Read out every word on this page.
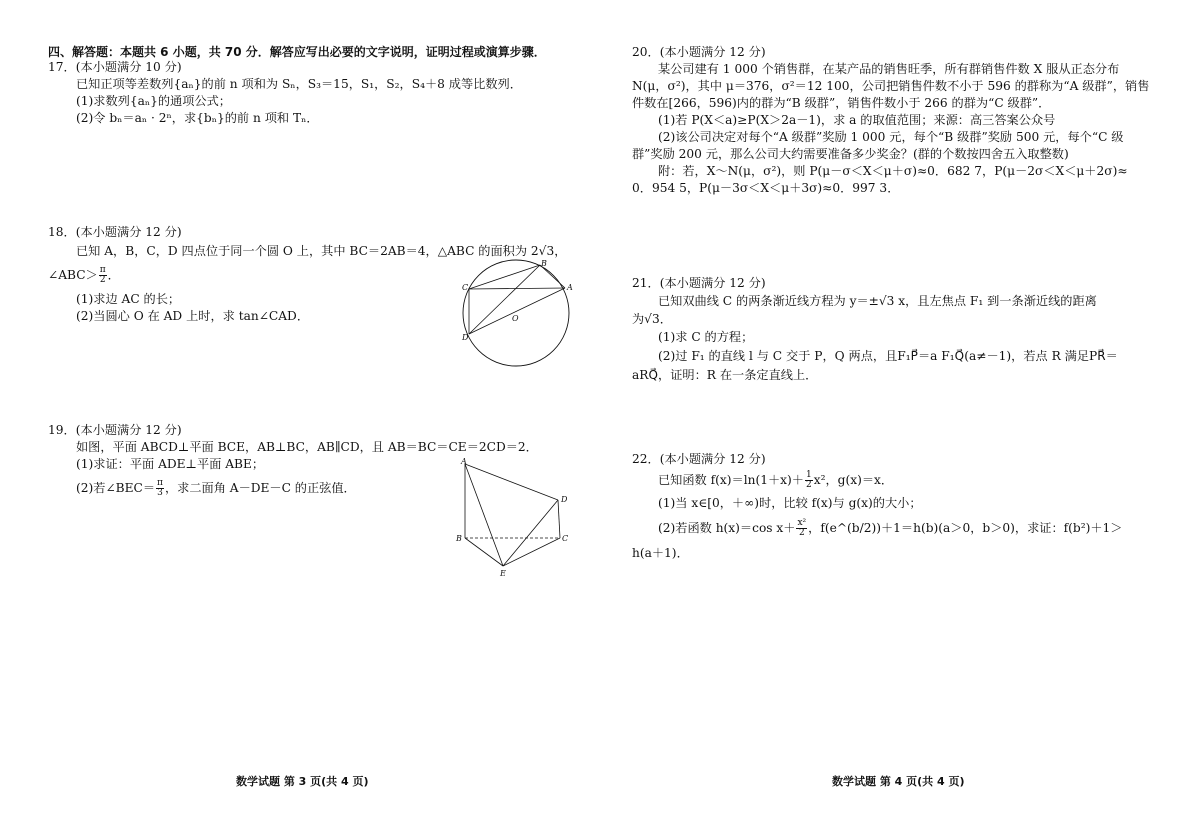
四、解答题：本题共 6 小题，共 70 分．解答应写出必要的文字说明，证明过程或演算步骤．
17．(本小题满分 10 分)
已知正项等差数列{aₙ}的前 n 项和为 Sₙ，S₃＝15，S₁，S₂，S₄＋8 成等比数列．
(1)求数列{aₙ}的通项公式；
(2)令 bₙ＝aₙ · 2ⁿ，求{bₙ}的前 n 项和 Tₙ．
18．(本小题满分 12 分)
已知 A，B，C，D 四点位于同一个圆 O 上，其中 BC＝2AB＝4，△ABC 的面积为 2√3，
∠ABC＞ $\frac{\pi}{2}$ ．
(1)求边 AC 的长；
(2)当圆心 O 在 AD 上时，求 tan∠CAD．
19．(本小题满分 12 分)
如图，平面 ABCD⊥平面 BCE，AB⊥BC，AB∥CD，且 AB＝BC＝CE＝2CD＝2．
(1)求证：平面 ADE⊥平面 ABE；
(2)若∠BEC＝ $\frac{\pi}{3}$ ，求二面角 A－DE－C 的正弦值．
B
A
C
D
O
A
B	C
D
E
数学试题 第 3 页(共 4 页)
20．(本小题满分 12 分)
某公司建有 1 000 个销售群，在某产品的销售旺季，所有群销售件数 X 服从正态分布
N(μ，σ²)，其中 μ＝376，σ²＝12 100，公司把销售件数不小于 596 的群称为“A 级群”，销售
件数在[266，596)内的群为“B 级群”，销售件数小于 266 的群为“C 级群”．
(1)若 P(X＜a)≥P(X＞2a－1)，求 a 的取值范围；来源：高三答案公众号
(2)该公司决定对每个“A 级群”奖励 1 000 元，每个“B 级群”奖励 500 元，每个“C 级
群”奖励 200 元，那么公司大约需要准备多少奖金？(群的个数按四舍五入取整数)
附：若，X～N(μ，σ²)，则 P(μ－σ＜X＜μ＋σ)≈0．682 7，P(μ－2σ＜X＜μ＋2σ)≈
0．954 5，P(μ－3σ＜X＜μ＋3σ)≈0．997 3．
21．(本小题满分 12 分)
已知双曲线 C 的两条渐近线方程为 y＝±√3 x，且左焦点 F₁ 到一条渐近线的距离
为√3．
(1)求 C 的方程；
(2)过 F₁ 的直线 l 与 C 交于 P，Q 两点，且F₁P⃗＝a F₁Q⃗(a≠－1)，若点 R 满足PR⃗＝
aRQ⃗，证明：R 在一条定直线上．
22．(本小题满分 12 分)
已知函数 $f(x)=\ln(1+x)+ \frac{1}{2} x^2$，g(x)＝x．
(1)当 x∈[0，＋∞)时，比较 f(x)与 g(x)的大小；
(2)若函数 h(x)＝cos $x+ \frac{\text{x²}}{2}$ ，f(e^(b/2))＋1＝h(b)(a＞0，b＞0)，求证：f(b²)＋1＞
h(a＋1)．
数学试题 第 4 页(共 4 页)
